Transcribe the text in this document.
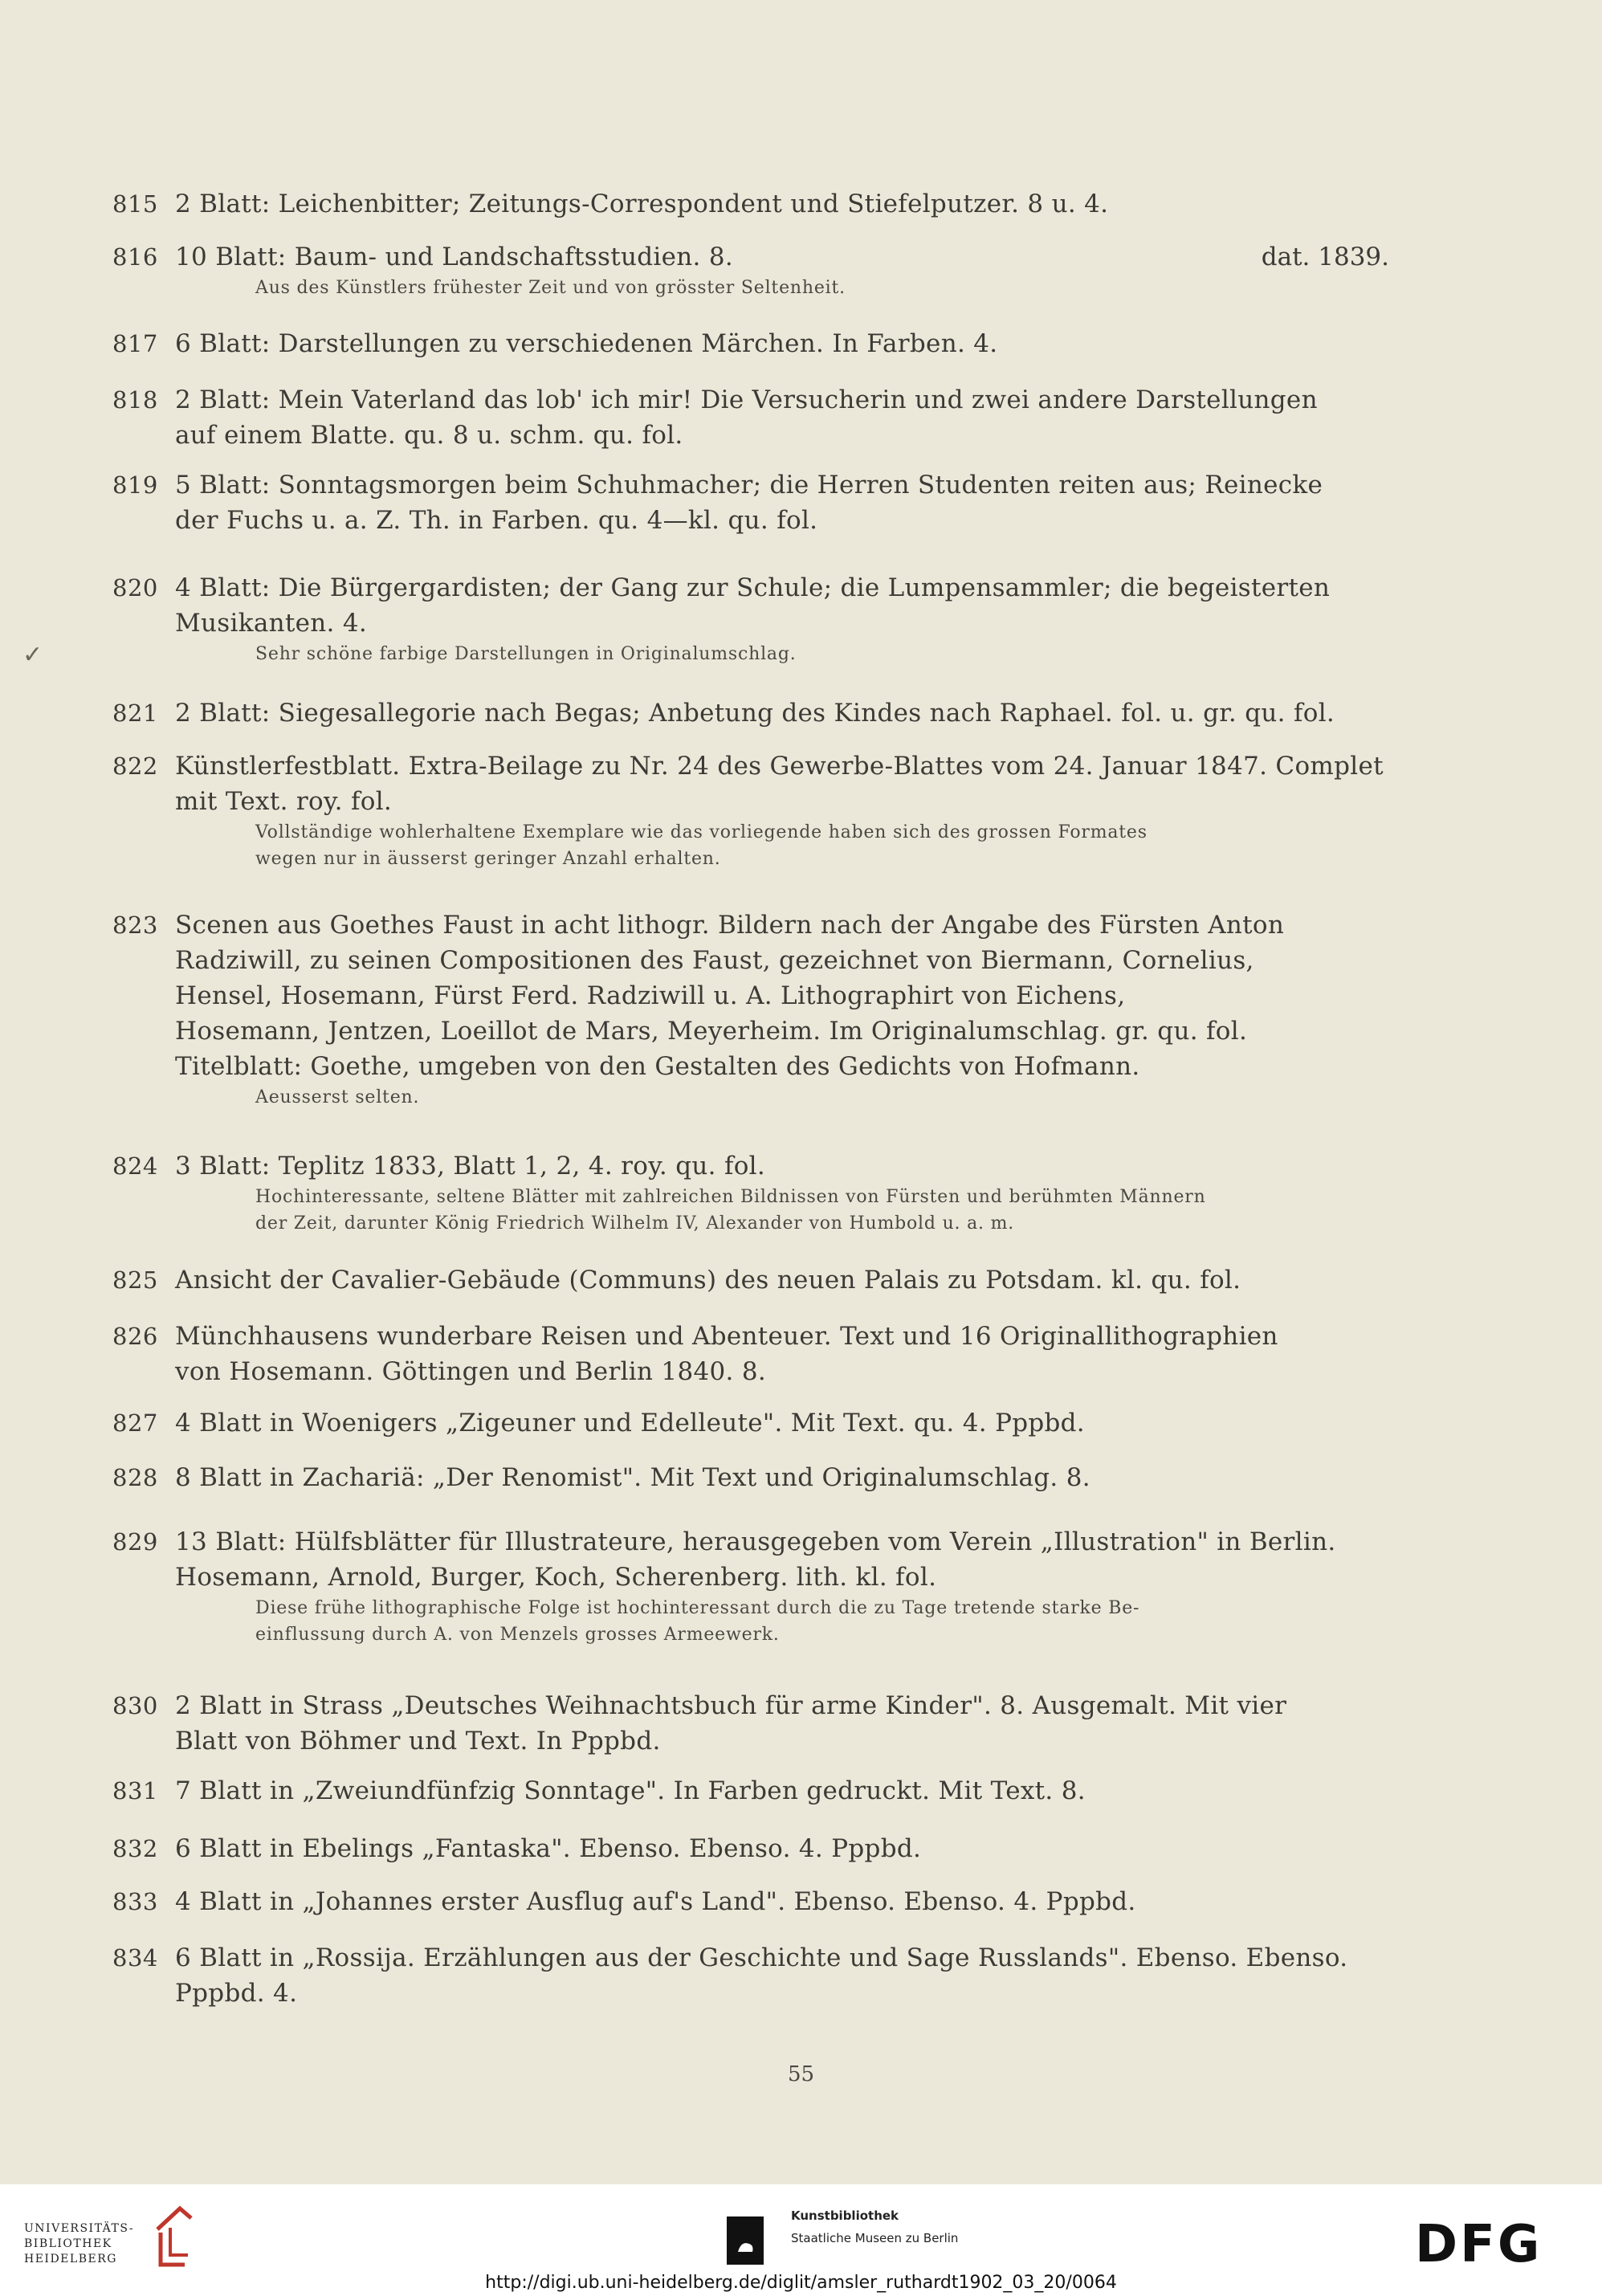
815 2 Blatt: Leichenbitter; Zeitungs-Correspondent und Stiefelputzer. 8 u. 4.
816 10 Blatt: Baum- und Landschaftsstudien. 8.	dat. 1839.
Aus des Künstlers frühester Zeit und von grösster Seltenheit.
817 6 Blatt: Darstellungen zu verschiedenen Märchen. In Farben. 4.
818 2 Blatt: Mein Vaterland das lob' ich mir! Die Versucherin und zwei andere Darstellungen
auf einem Blatte. qu. 8 u. schm. qu. fol.
819 5 Blatt: Sonntagsmorgen beim Schuhmacher; die Herren Studenten reiten aus; Reinecke
der Fuchs u. a. Z. Th. in Farben. qu. 4—kl. qu. fol.
820 4 Blatt: Die Bürgergardisten; der Gang zur Schule; die Lumpensammler; die begeisterten
Musikanten. 4.
Sehr schöne farbige Darstellungen in Originalumschlag.
821 2 Blatt: Siegesallegorie nach Begas; Anbetung des Kindes nach Raphael. fol. u. gr. qu. fol.
822 Künstlerfestblatt. Extra-Beilage zu Nr. 24 des Gewerbe-Blattes vom 24. Januar 1847. Complet
mit Text. roy. fol.
Vollständige wohlerhaltene Exemplare wie das vorliegende haben sich des grossen Formates
wegen nur in äusserst geringer Anzahl erhalten.
823 Scenen aus Goethes Faust in acht lithogr. Bildern nach der Angabe des Fürsten Anton
Radziwill, zu seinen Compositionen des Faust, gezeichnet von Biermann, Cornelius,
Hensel, Hosemann, Fürst Ferd. Radziwill u. A. Lithographirt von Eichens,
Hosemann, Jentzen, Loeillot de Mars, Meyerheim. Im Originalumschlag. gr. qu. fol.
Titelblatt: Goethe, umgeben von den Gestalten des Gedichts von Hofmann.
Aeusserst selten.
824 3 Blatt: Teplitz 1833, Blatt 1, 2, 4. roy. qu. fol.
Hochinteressante, seltene Blätter mit zahlreichen Bildnissen von Fürsten und berühmten Männern
der Zeit, darunter König Friedrich Wilhelm IV, Alexander von Humbold u. a. m.
825 Ansicht der Cavalier-Gebäude (Communs) des neuen Palais zu Potsdam. kl. qu. fol.
826 Münchhausens wunderbare Reisen und Abenteuer. Text und 16 Originallithographien
von Hosemann. Göttingen und Berlin 1840. 8.
827 4 Blatt in Woenigers „Zigeuner und Edelleute". Mit Text. qu. 4. Pppbd.
828 8 Blatt in Zachariä: „Der Renomist". Mit Text und Originalumschlag. 8.
829 13 Blatt: Hülfsblätter für Illustrateure, herausgegeben vom Verein „Illustration" in Berlin.
Hosemann, Arnold, Burger, Koch, Scherenberg. lith. kl. fol.
Diese frühe lithographische Folge ist hochinteressant durch die zu Tage tretende starke Be-
einflussung durch A. von Menzels grosses Armeewerk.
830 2 Blatt in Strass „Deutsches Weihnachtsbuch für arme Kinder". 8. Ausgemalt. Mit vier
Blatt von Böhmer und Text. In Pppbd.
831 7 Blatt in „Zweiundfünfzig Sonntage". In Farben gedruckt. Mit Text. 8.
832 6 Blatt in Ebelings „Fantaska". Ebenso. Ebenso. 4. Pppbd.
833 4 Blatt in „Johannes erster Ausflug auf's Land". Ebenso. Ebenso. 4. Pppbd.
834 6 Blatt in „Rossija. Erzählungen aus der Geschichte und Sage Russlands". Ebenso. Ebenso.
Pppbd. 4.
✓
55
UNIVERSITÄTS-
BIBLIOTHEK
HEIDELBERG
Kunstbibliothek
Staatliche Museen zu Berlin	DFG
http://digi.ub.uni-heidelberg.de/diglit/amsler_ruthardt1902_03_20/0064
